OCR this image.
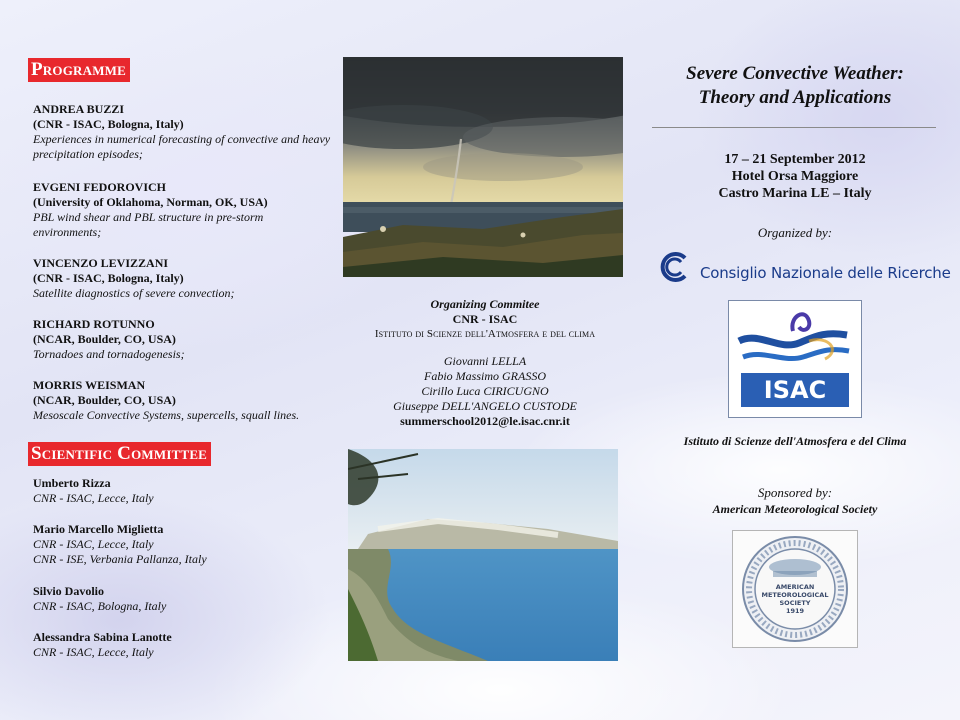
Programme
ANDREA BUZZI
(CNR - ISAC, Bologna, Italy)
Experiences in numerical forecasting of convective and heavy precipitation episodes;
EVGENI FEDOROVICH
(University of Oklahoma, Norman, OK, USA)
PBL wind shear and PBL structure in pre-storm environments;
VINCENZO LEVIZZANI
(CNR - ISAC, Bologna, Italy)
Satellite diagnostics of severe convection;
RICHARD ROTUNNO
(NCAR, Boulder, CO, USA)
Tornadoes and tornadogenesis;
MORRIS WEISMAN
(NCAR, Boulder, CO, USA)
Mesoscale Convective Systems, supercells, squall lines.
Scientific Committee
Umberto Rizza
CNR - ISAC, Lecce, Italy
Mario Marcello Miglietta
CNR - ISAC, Lecce, Italy
CNR - ISE, Verbania Pallanza, Italy
Silvio Davolio
CNR - ISAC, Bologna, Italy
Alessandra Sabina Lanotte
CNR - ISAC, Lecce, Italy
Organizing Commitee
CNR - ISAC
Istituto di Scienze dell'Atmosfera e del clima
Giovanni LELLA
Fabio Massimo GRASSO
Cirillo Luca CIRICUGNO
Giuseppe DELL'ANGELO CUSTODE
summerschool2012@le.isac.cnr.it
Severe Convective Weather:
Theory and Applications
17 – 21 September 2012
Hotel Orsa Maggiore
Castro Marina LE – Italy
Organized by:
Consiglio Nazionale delle Ricerche
ISAC
Istituto di Scienze dell'Atmosfera e del Clima
Sponsored by:
American Meteorological Society
AMERICAN
METEOROLOGICAL
SOCIETY
1919
